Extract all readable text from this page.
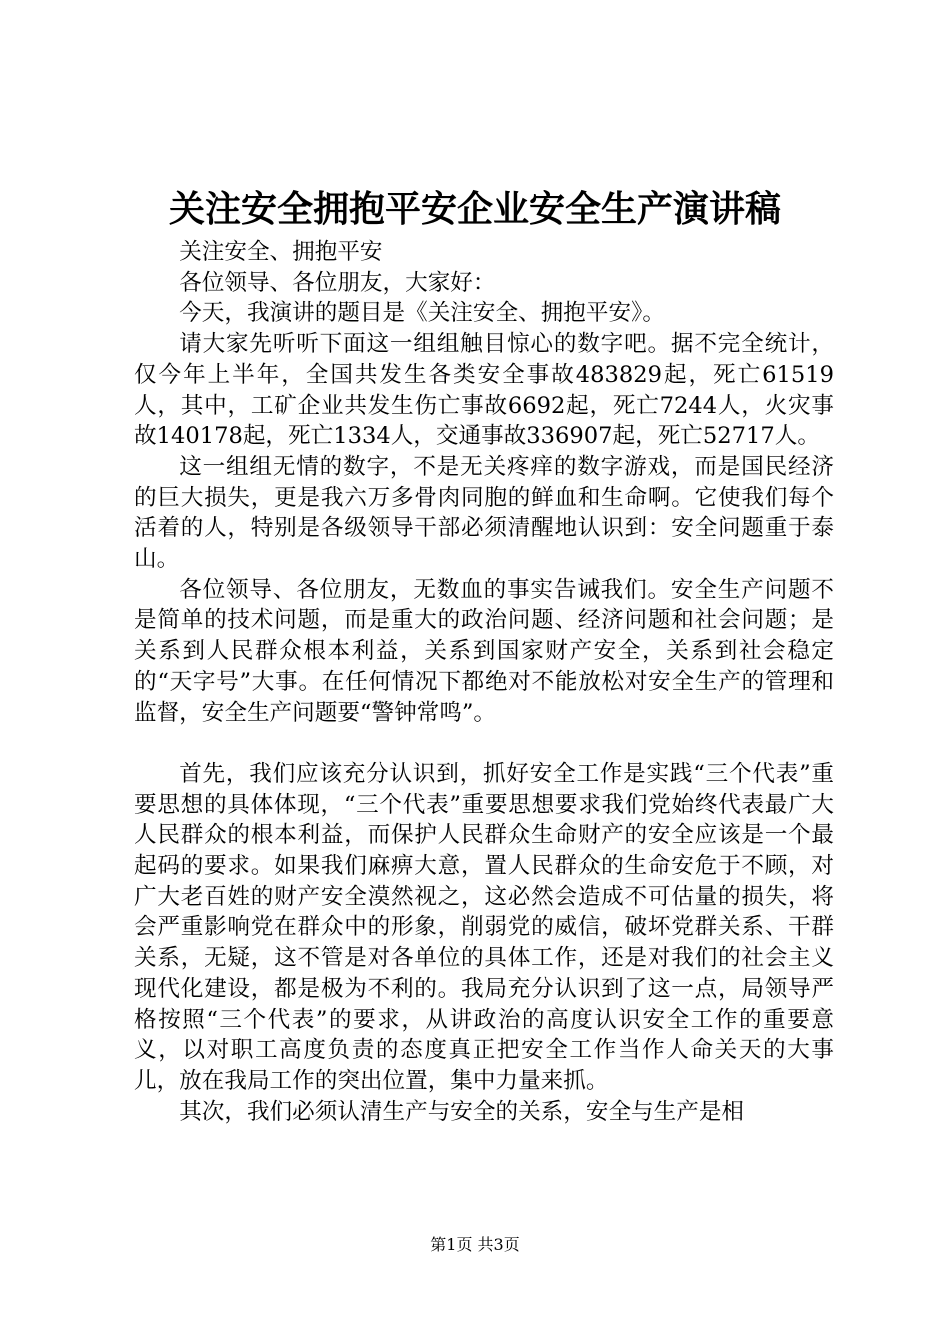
关注安全拥抱平安企业安全生产演讲稿

关注安全、拥抱平安

各位领导、各位朋友，大家好：

今天，我演讲的题目是《关注安全、拥抱平安》。

请大家先听听下面这一组组触目惊心的数字吧。据不完全统计，仅今年上半年，全国共发生各类安全事故483829起，死亡61519人，其中，工矿企业共发生伤亡事故6692起，死亡7244人，火灾事故140178起，死亡1334人，交通事故336907起，死亡52717人。

这一组组无情的数字，不是无关疼痒的数字游戏，而是国民经济的巨大损失，更是我六万多骨肉同胞的鲜血和生命啊。它使我们每个活着的人，特别是各级领导干部必须清醒地认识到：安全问题重于泰山。

各位领导、各位朋友，无数血的事实告诫我们。安全生产问题不是简单的技术问题，而是重大的政治问题、经济问题和社会问题；是关系到人民群众根本利益，关系到国家财产安全，关系到社会稳定的“天字号”大事。在任何情况下都绝对不能放松对安全生产的管理和监督，安全生产问题要“警钟常鸣”。

首先，我们应该充分认识到，抓好安全工作是实践“三个代表”重要思想的具体体现，“三个代表”重要思想要求我们党始终代表最广大人民群众的根本利益，而保护人民群众生命财产的安全应该是一个最起码的要求。如果我们麻痹大意，置人民群众的生命安危于不顾，对广大老百姓的财产安全漠然视之，这必然会造成不可估量的损失，将会严重影响党在群众中的形象，削弱党的威信，破坏党群关系、干群关系，无疑，这不管是对各单位的具体工作，还是对我们的社会主义现代化建设，都是极为不利的。我局充分认识到了这一点，局领导严格按照“三个代表”的要求，从讲政治的高度认识安全工作的重要意义，以对职工高度负责的态度真正把安全工作当作人命关天的大事儿，放在我局工作的突出位置，集中力量来抓。

其次，我们必须认清生产与安全的关系，安全与生产是相

第1页 共3页
